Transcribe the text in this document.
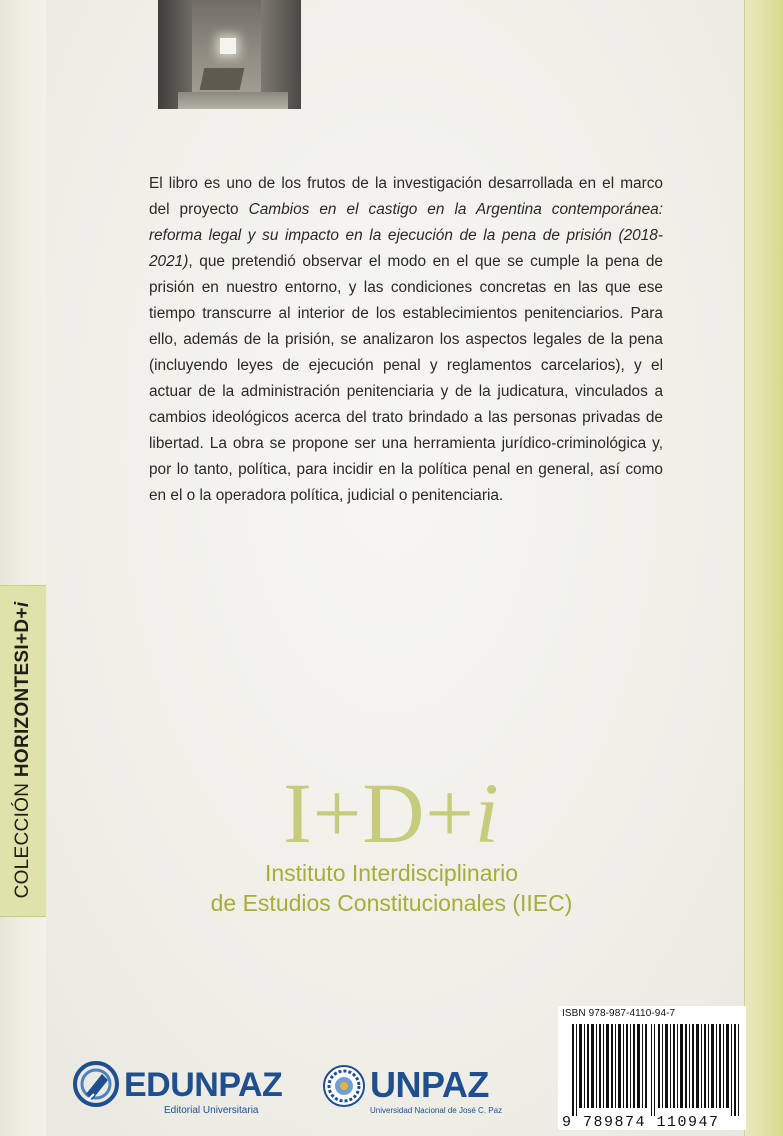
COLECCIÓN HORIZONTESI+D+i
El libro es uno de los frutos de la investigación desarrollada en el marco del proyecto Cambios en el castigo en la Argentina contemporánea: reforma legal y su impacto en la ejecución de la pena de prisión (2018-2021), que pretendió observar el modo en el que se cumple la pena de prisión en nuestro entorno, y las condiciones concretas en las que ese tiempo transcurre al interior de los establecimientos penitenciarios. Para ello, además de la prisión, se analizaron los aspectos legales de la pena (incluyendo leyes de ejecución penal y reglamentos carcelarios), y el actuar de la administración penitenciaria y de la judicatura, vinculados a cambios ideológicos acerca del trato brindado a las personas privadas de libertad. La obra se propone ser una herramienta jurídico-criminológica y, por lo tanto, política, para incidir en la política penal en general, así como en el o la operadora política, judicial o penitenciaria.
I+D+i
Instituto Interdisciplinario
de Estudios Constitucionales (IIEC)
ISBN 978-987-4110-94-7
9 789874 110947
EDUNPAZ
Editorial Universitaria
UNPAZ
Universidad Nacional de José C. Paz
